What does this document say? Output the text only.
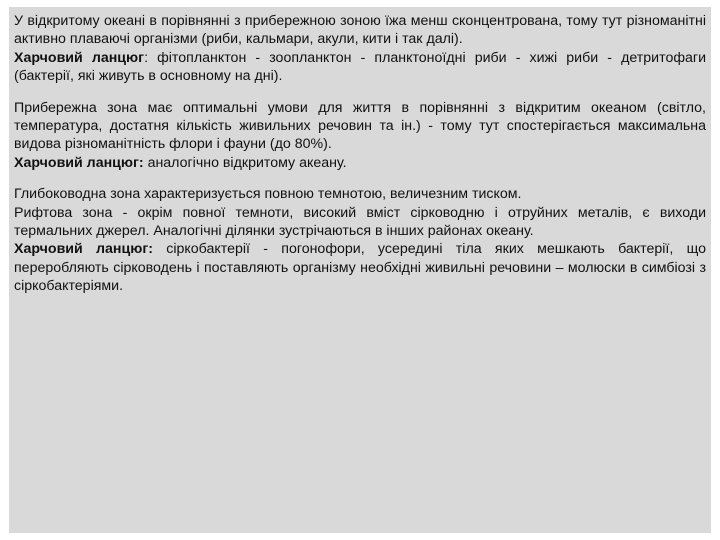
У відкритому океані в порівнянні з прибережною зоною їжа менш сконцентрована, тому тут різноманітні активно плаваючі організми (риби, кальмари, акули, кити і так далі).

Харчовий ланцюг: фітопланктон - зоопланктон - планктоноїдні риби - хижі риби - детритофаги (бактерії, які живуть в основному на дні).

Прибережна зона має оптимальні умови для життя в порівнянні з відкритим океаном (світло, температура, достатня кількість живильних речовин та ін.) - тому тут спостерігається максимальна видова різноманітність флори і фауни (до 80%).

Харчовий ланцюг: аналогічно відкритому акеану.

Глибоководна зона характеризується повною темнотою, величезним тиском.

Рифтова зона - окрім повної темноти, високий вміст сірководню і отруйних металів, є виходи термальних джерел. Аналогічні ділянки зустрічаються в інших районах океану.

Харчовий ланцюг: сіркобактерії - погонофори, усередині тіла яких мешкають бактерії, що переробляють сірководень і поставляють організму необхідні живильні речовини – молюски в симбіозі з сіркобактеріями.
